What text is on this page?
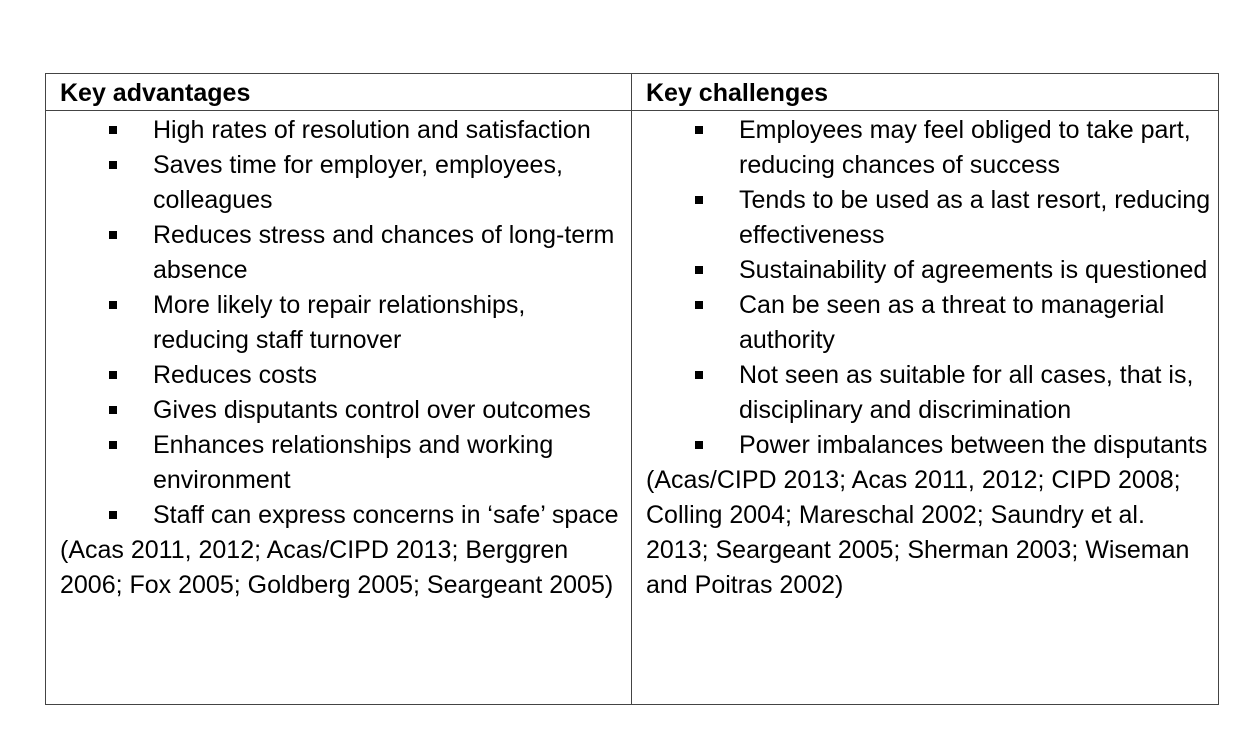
Key advantages	Key challenges
High rates of resolution and satisfaction
Saves time for employer, employees, colleagues
Reduces stress and chances of long-term absence
More likely to repair relationships, reducing staff turnover
Reduces costs
Gives disputants control over outcomes
Enhances relationships and working environment
Staff can express concerns in ‘safe’ space

(Acas 2011, 2012; Acas/CIPD 2013; Berggren 2006; Fox 2005; Goldberg 2005; Seargeant 2005)

Employees may feel obliged to take part, reducing chances of success
Tends to be used as a last resort, reducing effectiveness
Sustainability of agreements is questioned
Can be seen as a threat to managerial authority
Not seen as suitable for all cases, that is, disciplinary and discrimination
Power imbalances between the disputants

(Acas/CIPD 2013; Acas 2011, 2012; CIPD 2008; Colling 2004; Mareschal 2002; Saundry et al. 2013; Seargeant 2005; Sherman 2003; Wiseman and Poitras 2002)
